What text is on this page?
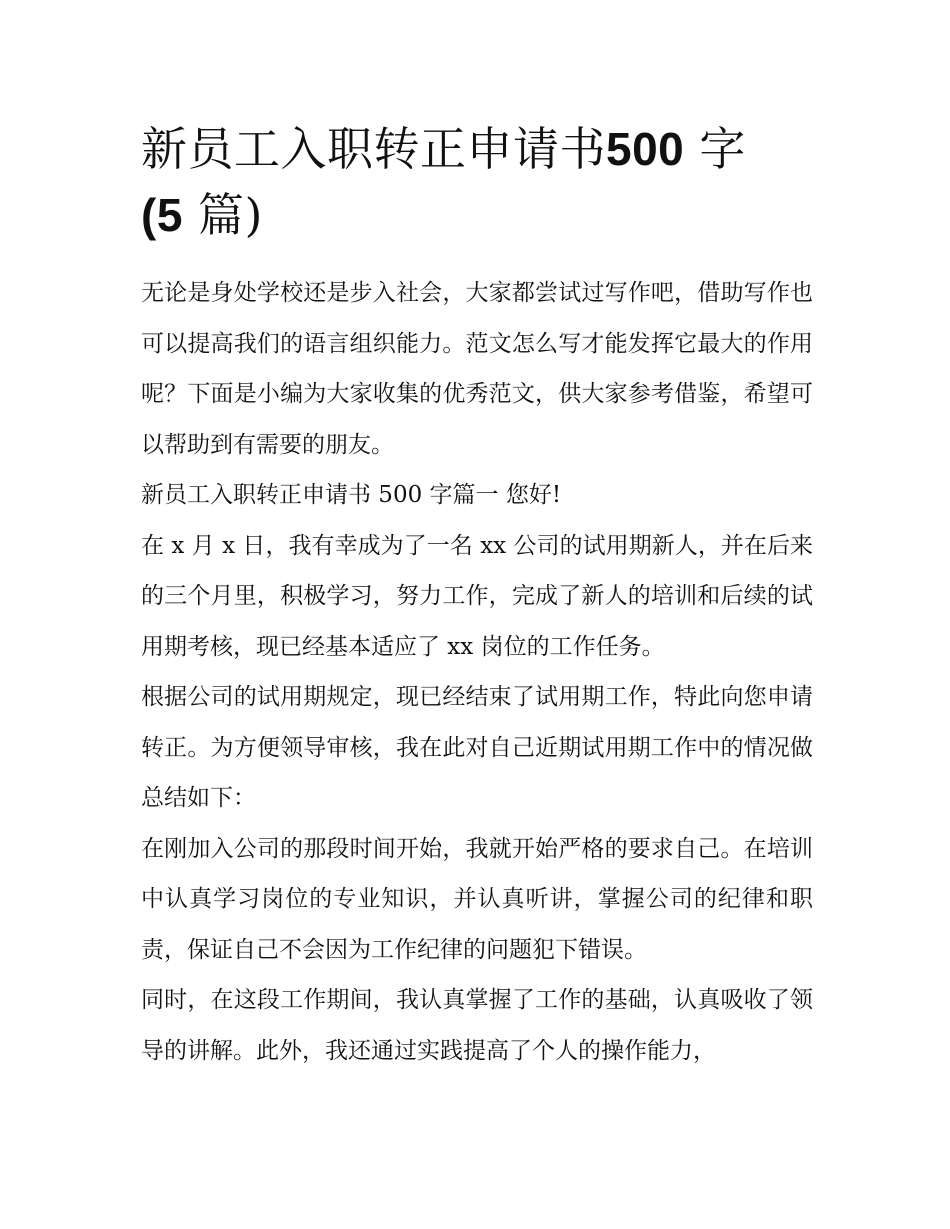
新员工入职转正申请书500 字
(5 篇)

无论是身处学校还是步入社会，大家都尝试过写作吧，借助写作也可以提高我们的语言组织能力。范文怎么写才能发挥它最大的作用呢？下面是小编为大家收集的优秀范文，供大家参考借鉴，希望可以帮助到有需要的朋友。

新员工入职转正申请书 500 字篇一 您好!

在 x 月 x 日，我有幸成为了一名 xx 公司的试用期新人，并在后来的三个月里，积极学习，努力工作，完成了新人的培训和后续的试用期考核，现已经基本适应了 xx 岗位的工作任务。

根据公司的试用期规定，现已经结束了试用期工作，特此向您申请转正。为方便领导审核，我在此对自己近期试用期工作中的情况做总结如下：

在刚加入公司的那段时间开始，我就开始严格的要求自己。在培训中认真学习岗位的专业知识，并认真听讲，掌握公司的纪律和职责，保证自己不会因为工作纪律的问题犯下错误。

同时，在这段工作期间，我认真掌握了工作的基础，认真吸收了领导的讲解。此外，我还通过实践提高了个人的操作能力，
